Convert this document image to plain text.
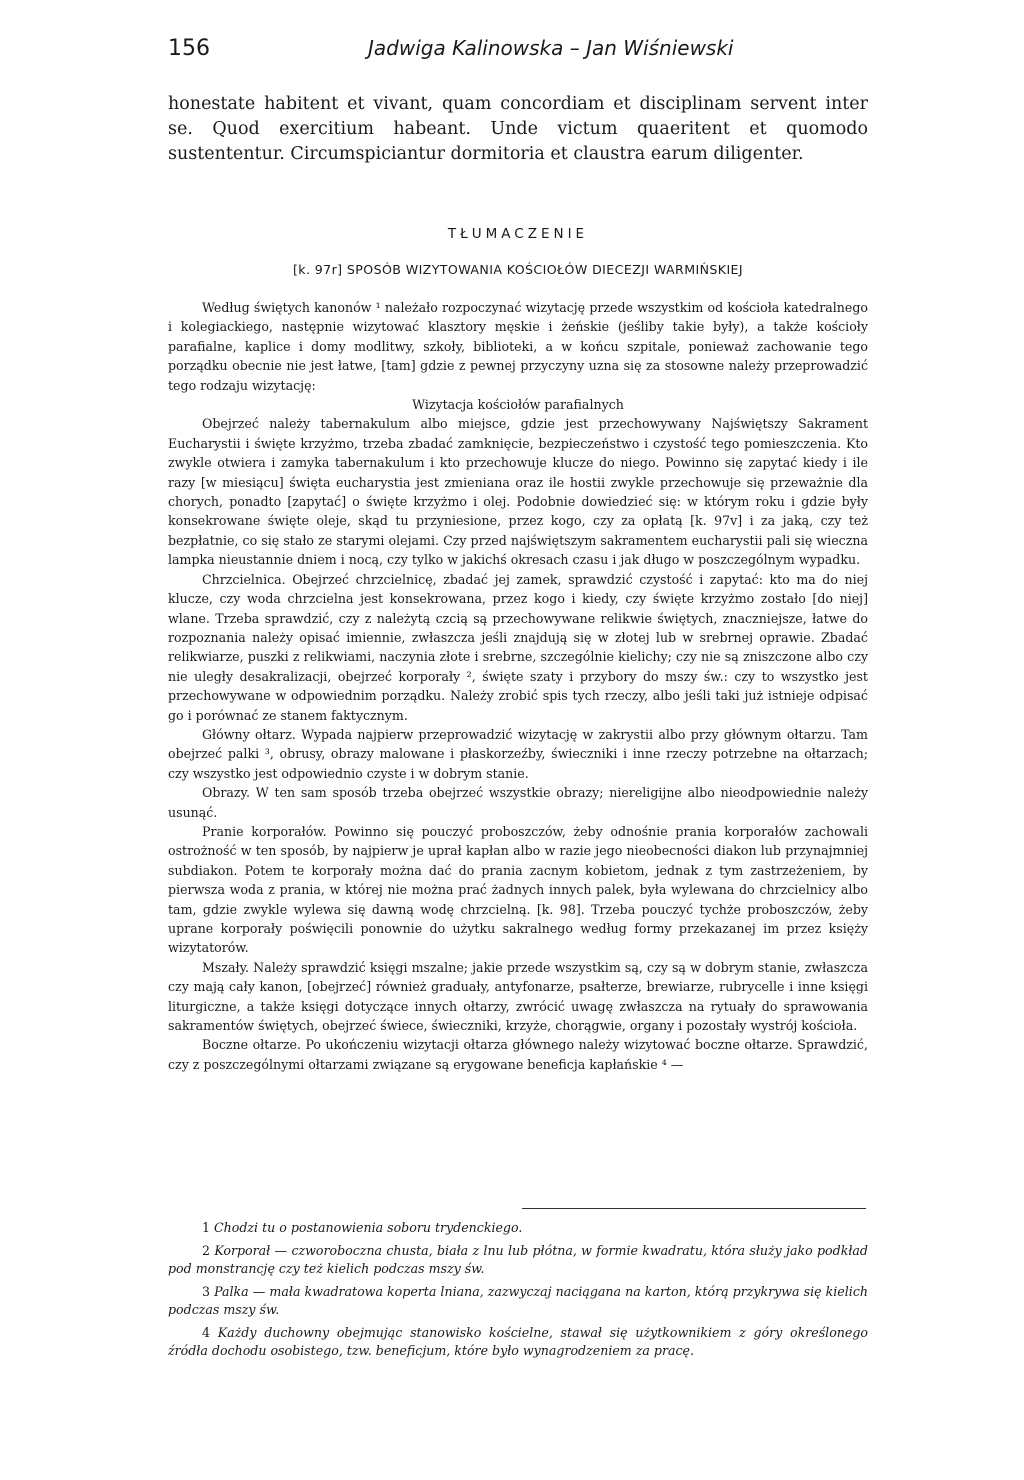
156	Jadwiga Kalinowska – Jan Wiśniewski

honestate habitent et vivant, quam concordiam et disciplinam servent inter se. Quod exercitium habeant. Unde victum quaeritent et quomodo sustententur. Circumspiciantur dormitoria et claustra earum diligenter.

TŁUMACZENIE
[k. 97r] SPOSÓB WIZYTOWANIA KOŚCIOŁÓW DIECEZJI WARMIŃSKIEJ

Według świętych kanonów ¹ należało rozpoczynać wizytację przede wszystkim od kościoła katedralnego i kolegiackiego, następnie wizytować klasztory męskie i żeńskie (jeśliby takie były), a także kościoły parafialne, kaplice i domy modlitwy, szkoły, biblioteki, a w końcu szpitale, ponieważ zachowanie tego porządku obecnie nie jest łatwe, [tam] gdzie z pewnej przyczyny uzna się za stosowne należy przeprowadzić tego rodzaju wizytację:

Wizytacja kościołów parafialnych

Obejrzeć należy tabernakulum albo miejsce, gdzie jest przechowywany Najświętszy Sakrament Eucharystii i święte krzyżmo, trzeba zbadać zamknięcie, bezpieczeństwo i czystość tego pomieszczenia. Kto zwykle otwiera i zamyka tabernakulum i kto przechowuje klucze do niego. Powinno się zapytać kiedy i ile razy [w miesiącu] święta eucharystia jest zmieniana oraz ile hostii zwykle przechowuje się przeważnie dla chorych, ponadto [zapytać] o święte krzyżmo i olej. Podobnie dowiedzieć się: w którym roku i gdzie były konsekrowane święte oleje, skąd tu przyniesione, przez kogo, czy za opłatą [k. 97v] i za jaką, czy też bezpłatnie, co się stało ze starymi olejami. Czy przed najświętszym sakramentem eucharystii pali się wieczna lampka nieustannie dniem i nocą, czy tylko w jakichś okresach czasu i jak długo w poszczególnym wypadku.

Chrzcielnica. Obejrzeć chrzcielnicę, zbadać jej zamek, sprawdzić czystość i zapytać: kto ma do niej klucze, czy woda chrzcielna jest konsekrowana, przez kogo i kiedy, czy święte krzyżmo zostało [do niej] wlane. Trzeba sprawdzić, czy z należytą czcią są przechowywane relikwie świętych, znaczniejsze, łatwe do rozpoznania należy opisać imiennie, zwłaszcza jeśli znajdują się w złotej lub w srebrnej oprawie. Zbadać relikwiarze, puszki z relikwiami, naczynia złote i srebrne, szczególnie kielichy; czy nie są zniszczone albo czy nie uległy desakralizacji, obejrzeć korporały ², święte szaty i przybory do mszy św.: czy to wszystko jest przechowywane w odpowiednim porządku. Należy zrobić spis tych rzeczy, albo jeśli taki już istnieje odpisać go i porównać ze stanem faktycznym.

Główny ołtarz. Wypada najpierw przeprowadzić wizytację w zakrystii albo przy głównym ołtarzu. Tam obejrzeć palki ³, obrusy, obrazy malowane i płaskorzeźby, świeczniki i inne rzeczy potrzebne na ołtarzach; czy wszystko jest odpowiednio czyste i w dobrym stanie.

Obrazy. W ten sam sposób trzeba obejrzeć wszystkie obrazy; niereligijne albo nieodpowiednie należy usunąć.

Pranie korporałów. Powinno się pouczyć proboszczów, żeby odnośnie prania korporałów zachowali ostrożność w ten sposób, by najpierw je uprał kapłan albo w razie jego nieobecności diakon lub przynajmniej subdiakon. Potem te korporały można dać do prania zacnym kobietom, jednak z tym zastrzeżeniem, by pierwsza woda z prania, w której nie można prać żadnych innych palek, była wylewana do chrzcielnicy albo tam, gdzie zwykle wylewa się dawną wodę chrzcielną. [k. 98]. Trzeba pouczyć tychże proboszczów, żeby uprane korporały poświęcili ponownie do użytku sakralnego według formy przekazanej im przez księży wizytatorów.

Mszały. Należy sprawdzić księgi mszalne; jakie przede wszystkim są, czy są w dobrym stanie, zwłaszcza czy mają cały kanon, [obejrzeć] również graduały, antyfonarze, psałterze, brewiarze, rubrycelle i inne księgi liturgiczne, a także księgi dotyczące innych ołtarzy, zwrócić uwagę zwłaszcza na rytuały do sprawowania sakramentów świętych, obejrzeć świece, świeczniki, krzyże, chorągwie, organy i pozostały wystrój kościoła.

Boczne ołtarze. Po ukończeniu wizytacji ołtarza głównego należy wizytować boczne ołtarze. Sprawdzić, czy z poszczególnymi ołtarzami związane są erygowane beneficja kapłańskie ⁴ —

1 Chodzi tu o postanowienia soboru trydenckiego.

2 Korporał — czworoboczna chusta, biała z lnu lub płótna, w formie kwadratu, która służy jako podkład pod monstrancję czy też kielich podczas mszy św.

3 Palka — mała kwadratowa koperta lniana, zazwyczaj naciągana na karton, którą przykrywa się kielich podczas mszy św.

4 Każdy duchowny obejmując stanowisko kościelne, stawał się użytkownikiem z góry określonego źródła dochodu osobistego, tzw. beneficjum, które było wynagrodzeniem za pracę.
